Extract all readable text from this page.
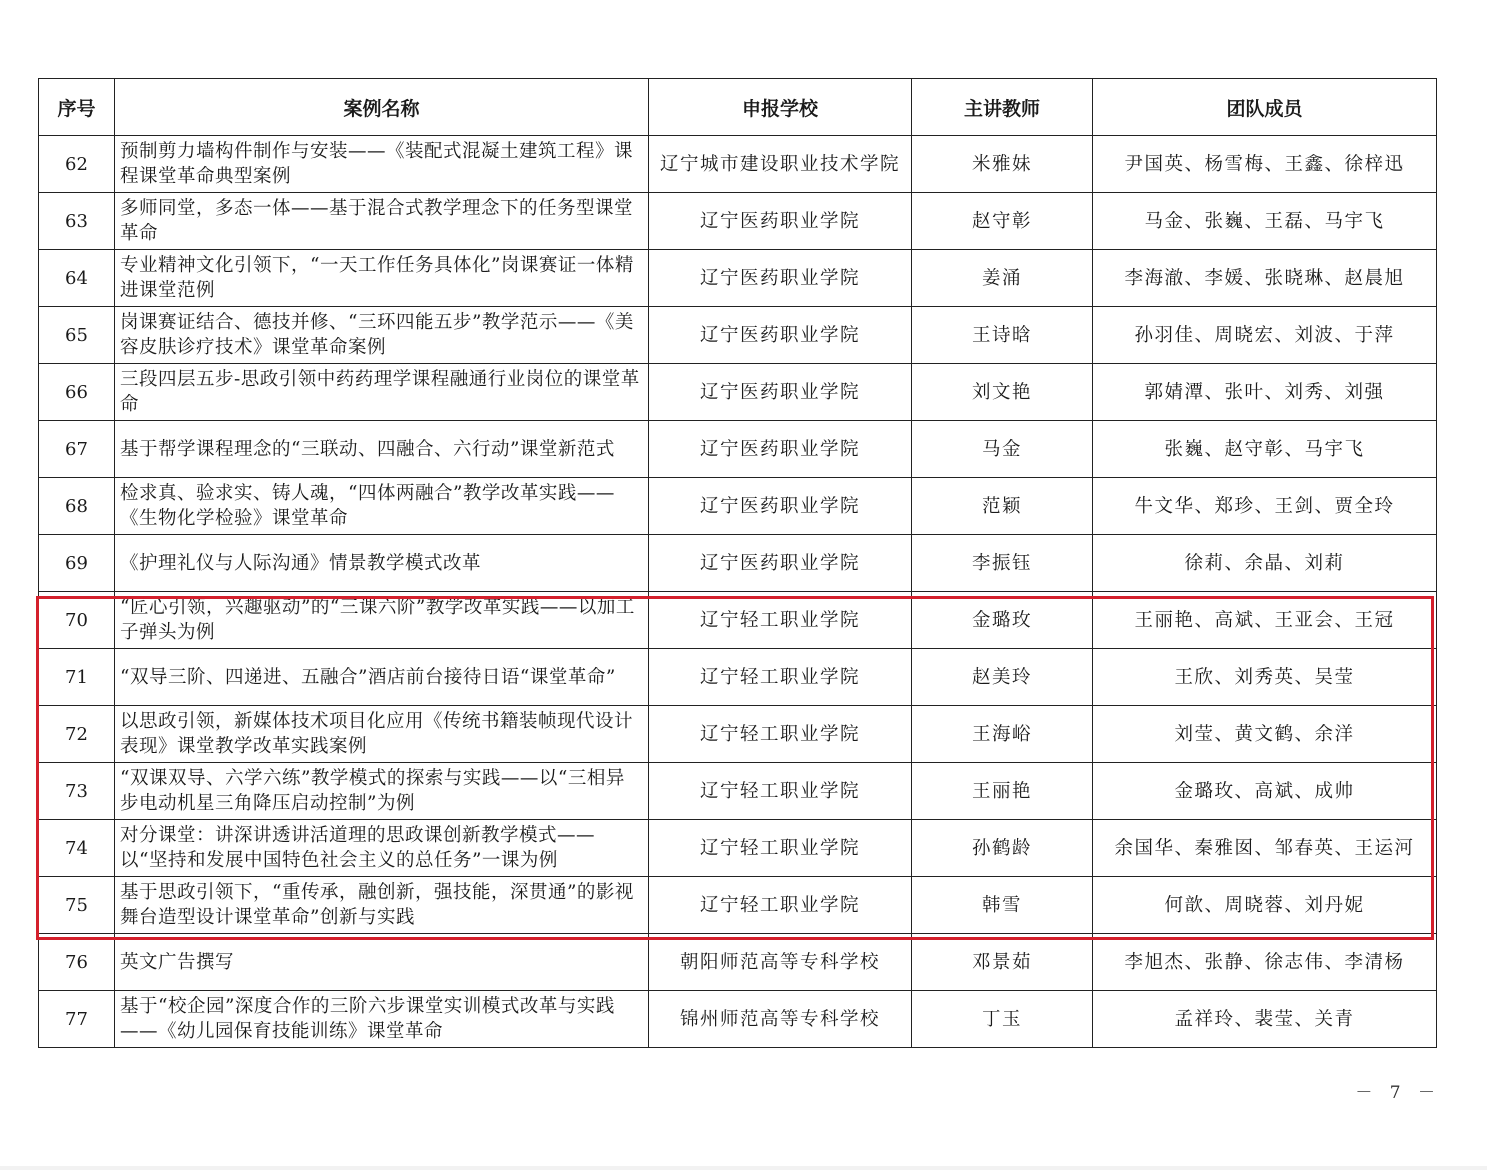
序号	案例名称	申报学校	主讲教师	团队成员
62	预制剪力墙构件制作与安装——《装配式混凝土建筑工程》课程课堂革命典型案例	辽宁城市建设职业技术学院	米雅妹	尹国英、杨雪梅、王鑫、徐梓迅
63	多师同堂，多态一体——基于混合式教学理念下的任务型课堂革命	辽宁医药职业学院	赵守彰	马金、张巍、王磊、马宇飞
64	专业精神文化引领下，“一天工作任务具体化”岗课赛证一体精进课堂范例	辽宁医药职业学院	姜涌	李海澈、李媛、张晓琳、赵晨旭
65	岗课赛证结合、德技并修、“三环四能五步”教学范示——《美容皮肤诊疗技术》课堂革命案例	辽宁医药职业学院	王诗晗	孙羽佳、周晓宏、刘波、于萍
66	三段四层五步-思政引领中药药理学课程融通行业岗位的课堂革命	辽宁医药职业学院	刘文艳	郭婧潭、张叶、刘秀、刘强
67	基于帮学课程理念的“三联动、四融合、六行动”课堂新范式	辽宁医药职业学院	马金	张巍、赵守彰、马宇飞
68	检求真、验求实、铸人魂，“四体两融合”教学改革实践——《生物化学检验》课堂革命	辽宁医药职业学院	范颖	牛文华、郑珍、王剑、贾全玲
69	《护理礼仪与人际沟通》情景教学模式改革	辽宁医药职业学院	李振钰	徐莉、余晶、刘莉
70	“匠心引领，兴趣驱动”的“三课六阶”教学改革实践——以加工子弹头为例	辽宁轻工职业学院	金璐玫	王丽艳、高斌、王亚会、王冠
71	“双导三阶、四递进、五融合”酒店前台接待日语“课堂革命”	辽宁轻工职业学院	赵美玲	王欣、刘秀英、吴莹
72	以思政引领，新媒体技术项目化应用《传统书籍装帧现代设计表现》课堂教学改革实践案例	辽宁轻工职业学院	王海峪	刘莹、黄文鹤、余洋
73	“双课双导、六学六练”教学模式的探索与实践——以“三相异步电动机星三角降压启动控制”为例	辽宁轻工职业学院	王丽艳	金璐玫、高斌、成帅
74	对分课堂：讲深讲透讲活道理的思政课创新教学模式——以“坚持和发展中国特色社会主义的总任务”一课为例	辽宁轻工职业学院	孙鹤龄	余国华、秦雅囡、邹春英、王运河
75	基于思政引领下，“重传承，融创新，强技能，深贯通”的影视舞台造型设计课堂革命”创新与实践	辽宁轻工职业学院	韩雪	何歆、周晓蓉、刘丹妮
76	英文广告撰写	朝阳师范高等专科学校	邓景茹	李旭杰、张静、徐志伟、李清杨
77	基于“校企园”深度合作的三阶六步课堂实训模式改革与实践——《幼儿园保育技能训练》课堂革命	锦州师范高等专科学校	丁玉	孟祥玲、裴莹、关青
－ 7 －
